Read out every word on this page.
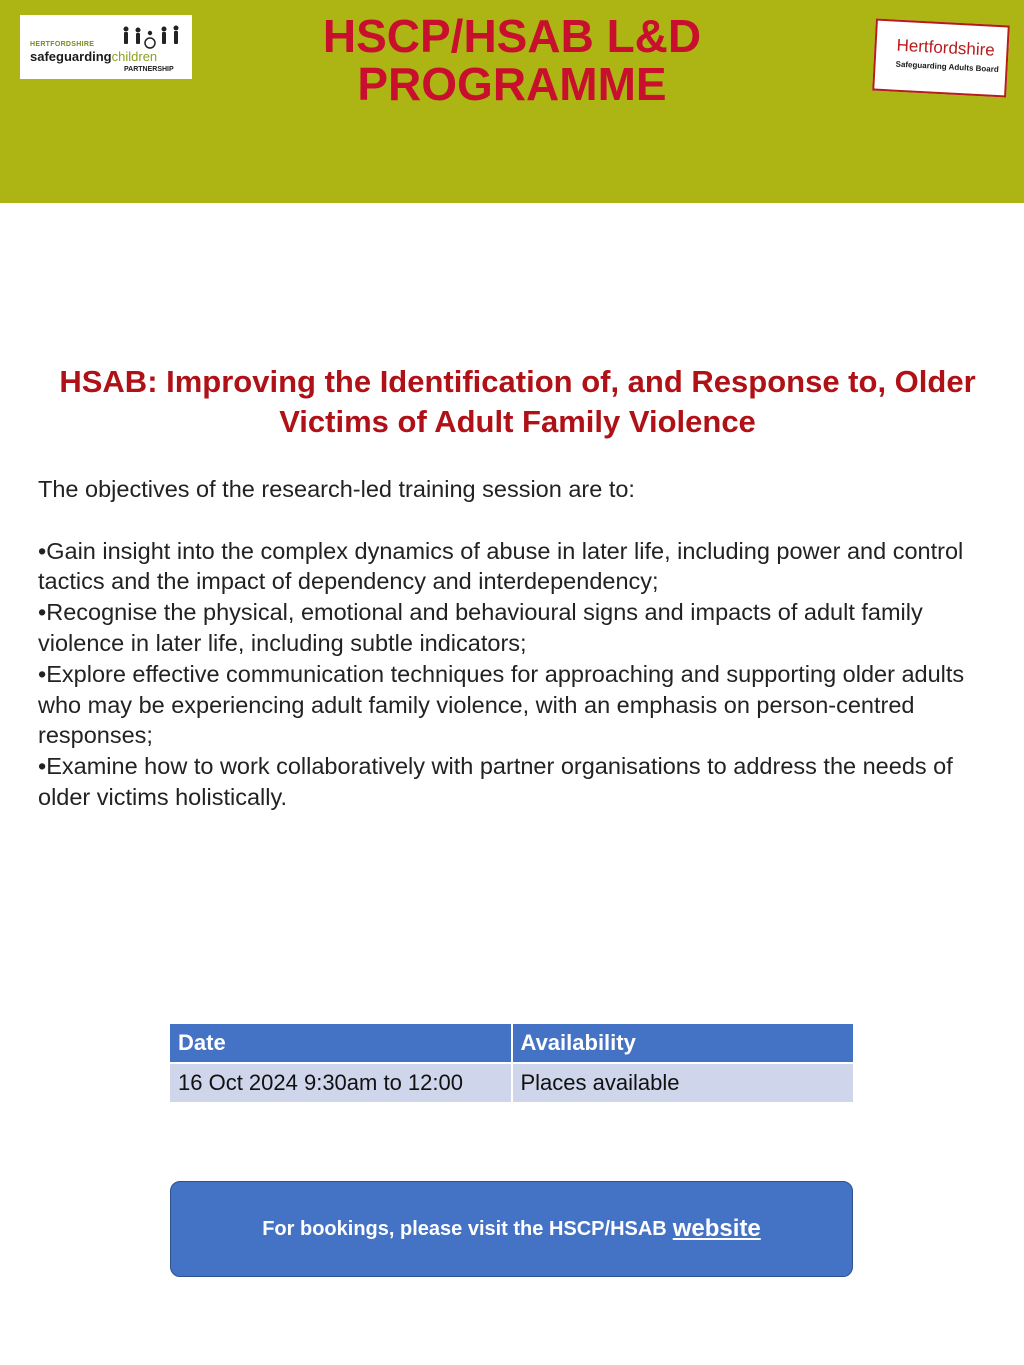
HERTFORDSHIRE
safeguardingchildren
PARTNERSHIP
HSCP/HSAB L&D
PROGRAMME
Hertfordshire
Safeguarding Adults Board
HSAB: Improving the Identification of, and Response to, Older Victims of Adult Family Violence

The objectives of the research-led training session are to:

•Gain insight into the complex dynamics of abuse in later life, including power and control tactics and the impact of dependency and interdependency;

•Recognise the physical, emotional and behavioural signs and impacts of adult family violence in later life, including subtle indicators;

•Explore effective communication techniques for approaching and supporting older adults who may be experiencing adult family violence, with an emphasis on person-centred responses;

•Examine how to work collaboratively with partner organisations to address the needs of older victims holistically.

Date	Availability
16 Oct 2024 9:30am to 12:00	Places available
For bookings, please visit the HSCP/HSAB website
